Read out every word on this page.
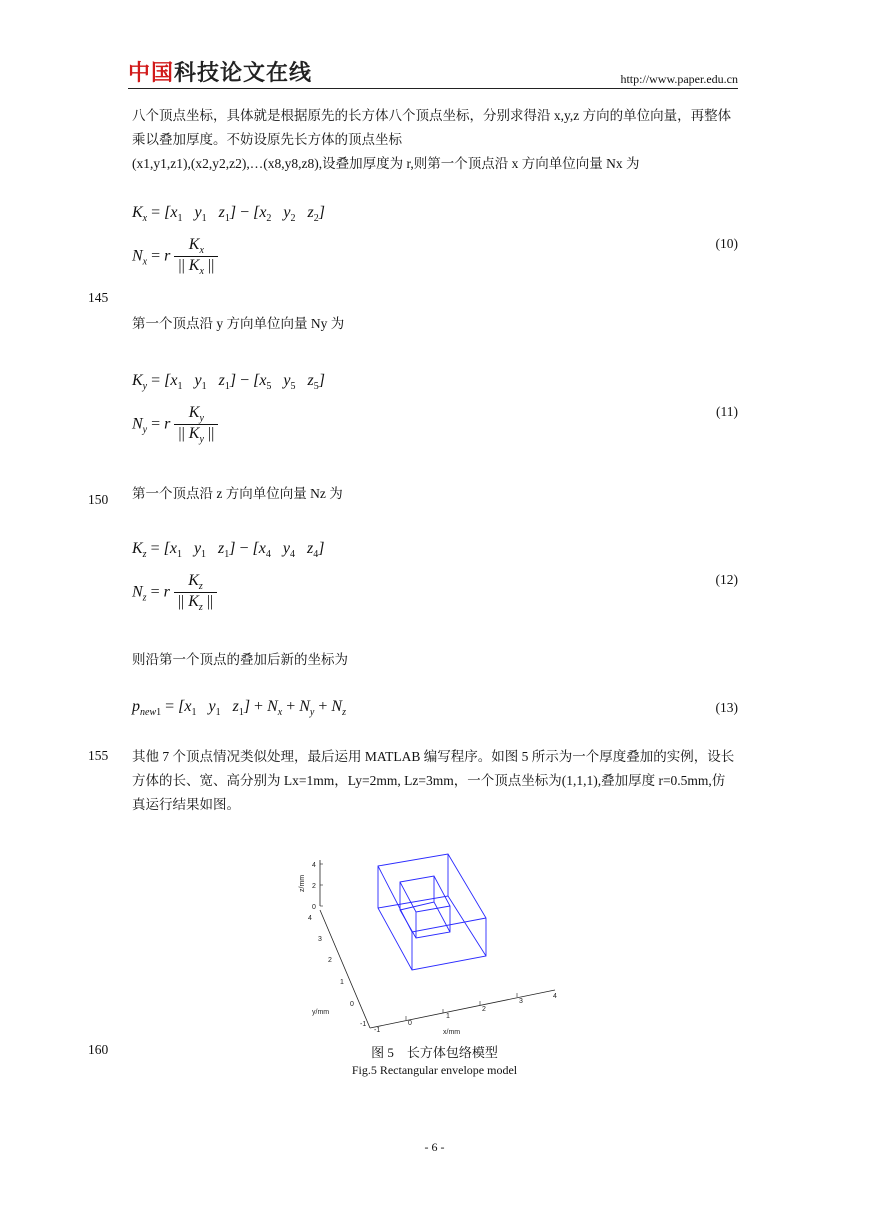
中国科技论文在线	http://www.paper.edu.cn
八个顶点坐标，具体就是根据原先的长方体八个顶点坐标，分别求得沿 x,y,z 方向的单位向量，再整体乘以叠加厚度。不妨设原先长方体的顶点坐标
(x1,y1,z1),(x2,y2,z2),…(x8,y8,z8),设叠加厚度为 r,则第一个顶点沿 x 方向单位向量 Nx 为
$K_x = [x_1$   $y_1$   $z_1] - [x_2$   $y_2$   $z_2$]
$N_x = r \frac{K_x}{|| K_x ||}$	(10)
145
第一个顶点沿 y 方向单位向量 Ny 为
$K_y = [x_1$   $y_1$   $z_1] - [x_5$   $y_5$   $z_5$]
$N_y = r \frac{K_y}{|| K_y ||}$	(11)
150 第一个顶点沿 z 方向单位向量 Nz 为
$K_z = [x_1$   $y_1$   $z_1] - [x_4$   $y_4$   $z_4$]
$N_z = r \frac{K_z}{|| K_z ||}$	(12)
则沿第一个顶点的叠加后新的坐标为
$p_{new1} = [x_1$   $y_1$   $z_1] + N_x + N_y + N_z$	(13)
155 其他 7 个顶点情况类似处理，最后运用 MATLAB 编写程序。如图 5 所示为一个厚度叠加的实例，设长方体的长、宽、高分别为 Lx=1mm，Ly=2mm, Lz=3mm，一个顶点坐标为(1,1,1),叠加厚度 r=0.5mm,仿真运行结果如图。
4
2
0
4
3
2
1
0
-1
-1
0
1
2
3
4
z/mm
y/mm
x/mm
160	图 5　长方体包络模型
Fig.5 Rectangular envelope model
- 6 -
